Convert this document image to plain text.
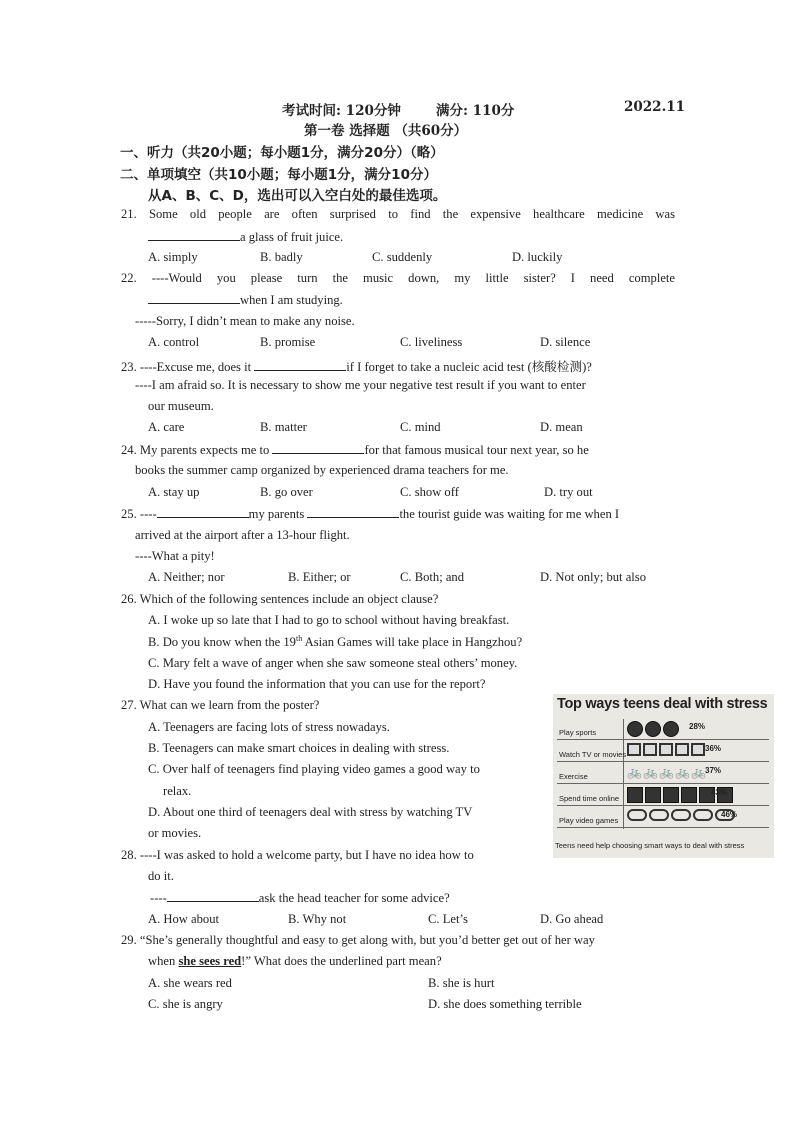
考试时间: 120分钟	满分: 110分	2022.11
第一卷 选择题 （共60分）
一、听力（共20小题；每小题1分，满分20分）（略）
二、单项填空（共10小题；每小题1分，满分10分）
从A、B、C、D，选出可以入空白处的最佳选项。
21. Some old people are often surprised to find the expensive healthcare medicine was
a glass of fruit juice.
A. simply	B. badly	C. suddenly	D. luckily
22. ----Would you please turn the music down, my little sister? I need complete
when I am studying.
-----Sorry, I didn’t mean to make any noise.
A. control	B. promise	C. liveliness	D. silence
23. ----Excuse me, does it	if I forget to take a nucleic acid test (核酸检测)?
----I am afraid so. It is necessary to show me your negative test result if you want to enter
our museum.
A. care	B. matter	C. mind	D. mean
24. My parents expects me to	for that famous musical tour next year, so he
books the summer camp organized by experienced drama teachers for me.
A. stay up	B. go over	C. show off	D. try out
25. ----	my parents	the tourist guide was waiting for me when I
arrived at the airport after a 13-hour flight.
----What a pity!
A. Neither; nor	B. Either; or	C. Both; and	D. Not only; but also
26. Which of the following sentences include an object clause?
A. I woke up so late that I had to go to school without having breakfast.
B. Do you know when the 19th Asian Games will take place in Hangzhou?
C. Mary felt a wave of anger when she saw someone steal others’ money.
D. Have you found the information that you can use for the report?
27. What can we learn from the poster?
A. Teenagers are facing lots of stress nowadays.
B. Teenagers can make smart choices in dealing with stress.
C. Over half of teenagers find playing video games a good way to
relax.
D. About one third of teenagers deal with stress by watching TV
or movies.
Top ways teens deal with stress
Play sports
28%
Watch TV or movies
36%
Exercise	🚲 🚲 🚲 🚲 🚲 37%
Spend time online
43%
Play video games
46%
Teens need help choosing smart ways to deal with stress
28. ----I was asked to hold a welcome party, but I have no idea how to
do it.
----	ask the head teacher for some advice?
A. How about	B. Why not	C. Let’s	D. Go ahead
29. “She’s generally thoughtful and easy to get along with, but you’d better get out of her way
when she sees red!” What does the underlined part mean?
A. she wears red	B. she is hurt
C. she is angry	D. she does something terrible
